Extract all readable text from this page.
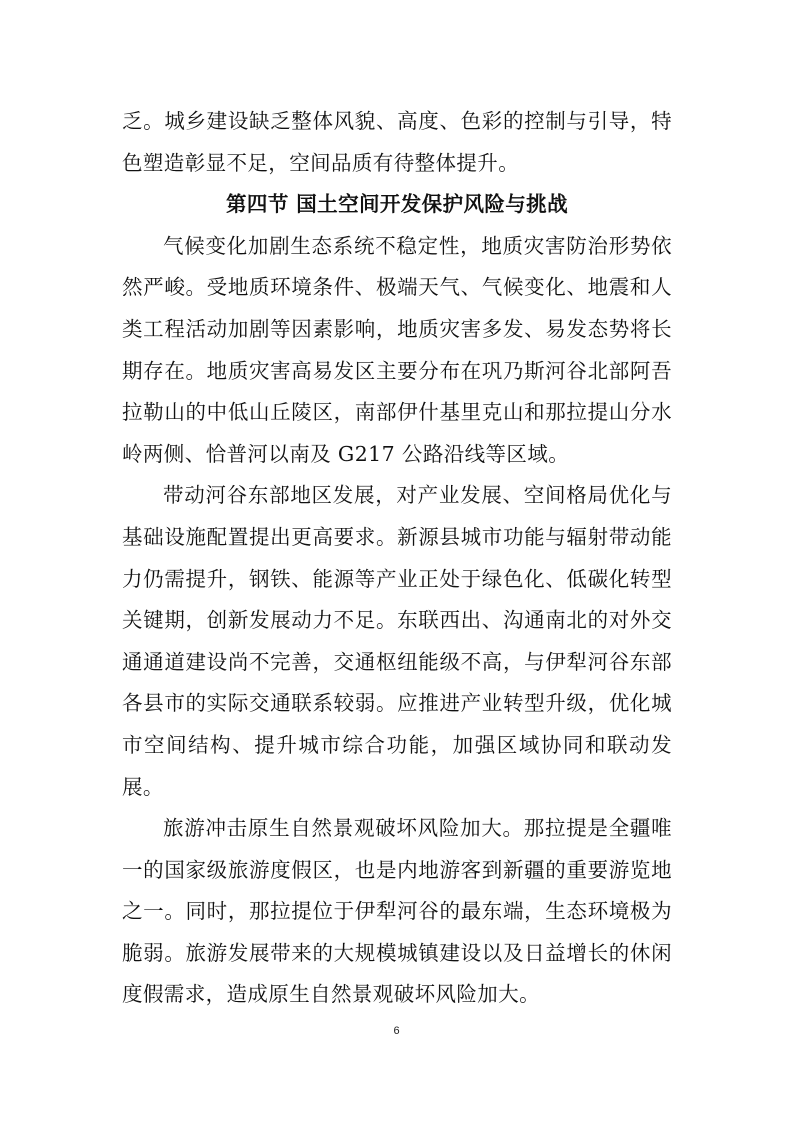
乏。城乡建设缺乏整体风貌、高度、色彩的控制与引导，特色塑造彰显不足，空间品质有待整体提升。

第四节 国土空间开发保护风险与挑战

气候变化加剧生态系统不稳定性，地质灾害防治形势依然严峻。受地质环境条件、极端天气、气候变化、地震和人类工程活动加剧等因素影响，地质灾害多发、易发态势将长期存在。地质灾害高易发区主要分布在巩乃斯河谷北部阿吾拉勒山的中低山丘陵区，南部伊什基里克山和那拉提山分水岭两侧、恰普河以南及 G217 公路沿线等区域。

带动河谷东部地区发展，对产业发展、空间格局优化与基础设施配置提出更高要求。新源县城市功能与辐射带动能力仍需提升，钢铁、能源等产业正处于绿色化、低碳化转型关键期，创新发展动力不足。东联西出、沟通南北的对外交通通道建设尚不完善，交通枢纽能级不高，与伊犁河谷东部各县市的实际交通联系较弱。应推进产业转型升级，优化城市空间结构、提升城市综合功能，加强区域协同和联动发展。

旅游冲击原生自然景观破坏风险加大。那拉提是全疆唯一的国家级旅游度假区，也是内地游客到新疆的重要游览地之一。同时，那拉提位于伊犁河谷的最东端，生态环境极为脆弱。旅游发展带来的大规模城镇建设以及日益增长的休闲度假需求，造成原生自然景观破坏风险加大。

6
